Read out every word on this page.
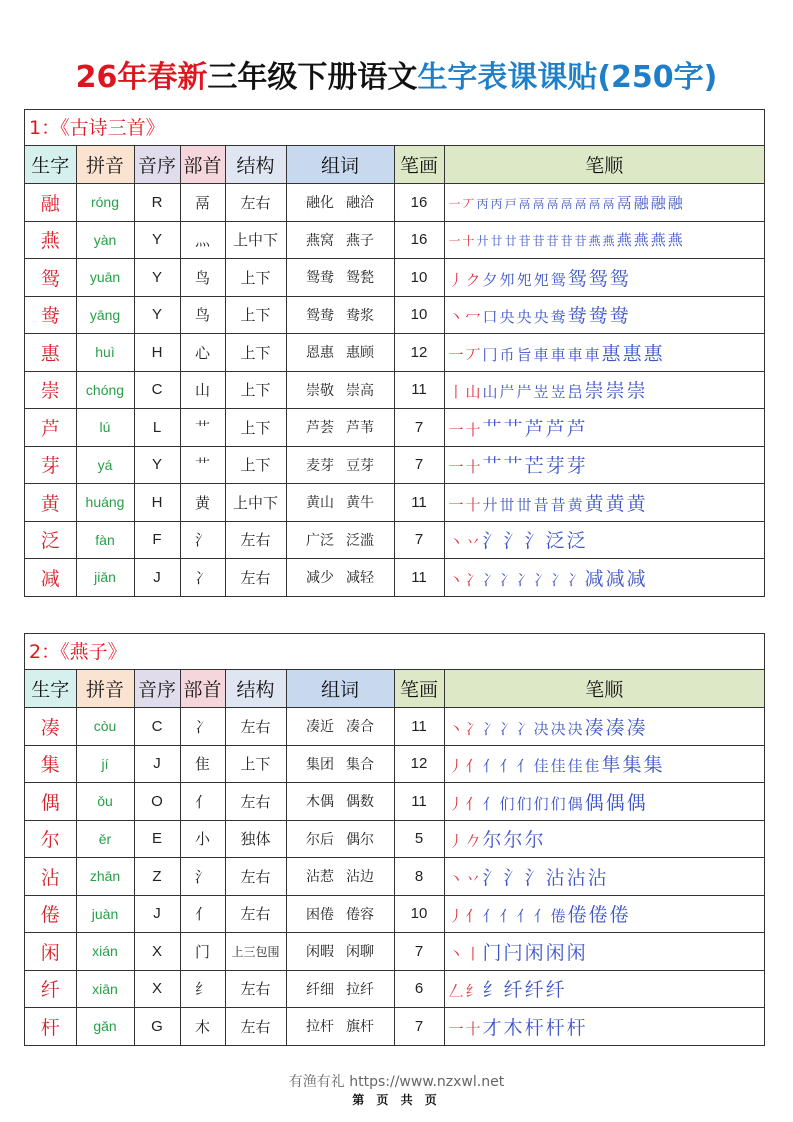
26年春新三年级下册语文生字表课课贴(250字)
1：《古诗三首》
生字	拼音	音序	部首	结构	组词	笔画	笔顺
融	róng	R	鬲	左右	融化 融洽	16	一 丆 丙 丙 戸 鬲 鬲 鬲 鬲 鬲 鬲 鬲 鬲 融 融 融
燕	yàn	Y	灬	上中下	燕窝 燕子	16	一 十 廾 廿 廿 苷 苷 苷 苷 苷 燕 燕 燕 燕 燕 燕
鸳	yuān	Y	鸟	上下	鸳鸯 鸳甃	10	丿 ク 夕 夘 夗 夗 鸳 鸳 鸳 鸳
鸯	yāng	Y	鸟	上下	鸳鸯 鸯浆	10	丶 冖 口 央 央 央 鸯 鸯 鸯 鸯
惠	huì	H	心	上下	恩惠 惠顾	12	一 丆 冂 币 旨 車 車 車 車 惠 惠 惠
崇	chóng	C	山	上下	崇敬 崇高	11	丨 山 山 屵 屵 岦 岦 峊 崇 崇 崇
芦	lú	L	艹	上下	芦荟 芦苇	7	一 十 艹 艹 芦 芦 芦
芽	yá	Y	艹	上下	麦芽 豆芽	7	一 十 艹 艹 芒 芽 芽
黄	huáng	H	黄	上中下	黄山 黄牛	11	一 十 廾 丗 丗 昔 昔 黄 黄 黄 黄
泛	fàn	F	氵	左右	广泛 泛滥	7	丶 丷 氵 氵 氵 泛 泛
减	jiǎn	J	冫	左右	减少 减轻	11	丶 冫 冫 冫 冫 冫 冫 冫 减 减 减
2：《燕子》
生字	拼音	音序	部首	结构	组词	笔画	笔顺
凑	còu	C	冫	左右	凑近 凑合	11	丶 冫 冫 冫 冫 决 决 决 凑 凑 凑
集	jí	J	隹	上下	集团 集合	12	丿 亻 亻 亻 亻 佳 佳 佳 隹 隼 集 集
偶	ǒu	O	亻	左右	木偶 偶数	11	丿 亻 亻 们 们 们 们 偶 偶 偶 偶
尔	ěr	E	小	独体	尔后 偶尔	5	丿 𠂊 尔 尔 尔
沾	zhān	Z	氵	左右	沾惹 沾边	8	丶 丷 氵 氵 氵 沾 沾 沾
倦	juàn	J	亻	左右	困倦 倦容	10	丿 亻 亻 亻 亻 亻 倦 倦 倦 倦
闲	xián	X	门	上三包围	闲暇 闲聊	7	丶 丨 门 闩 闲 闲 闲
纤	xiān	X	纟	左右	纤细 拉纤	6	𠃋 纟 纟 纤 纤 纤
杆	gǎn	G	木	左右	拉杆 旗杆	7	一 十 才 木 杆 杆 杆
有渔有礼 https://www.nzxwl.net
第 页 共 页
